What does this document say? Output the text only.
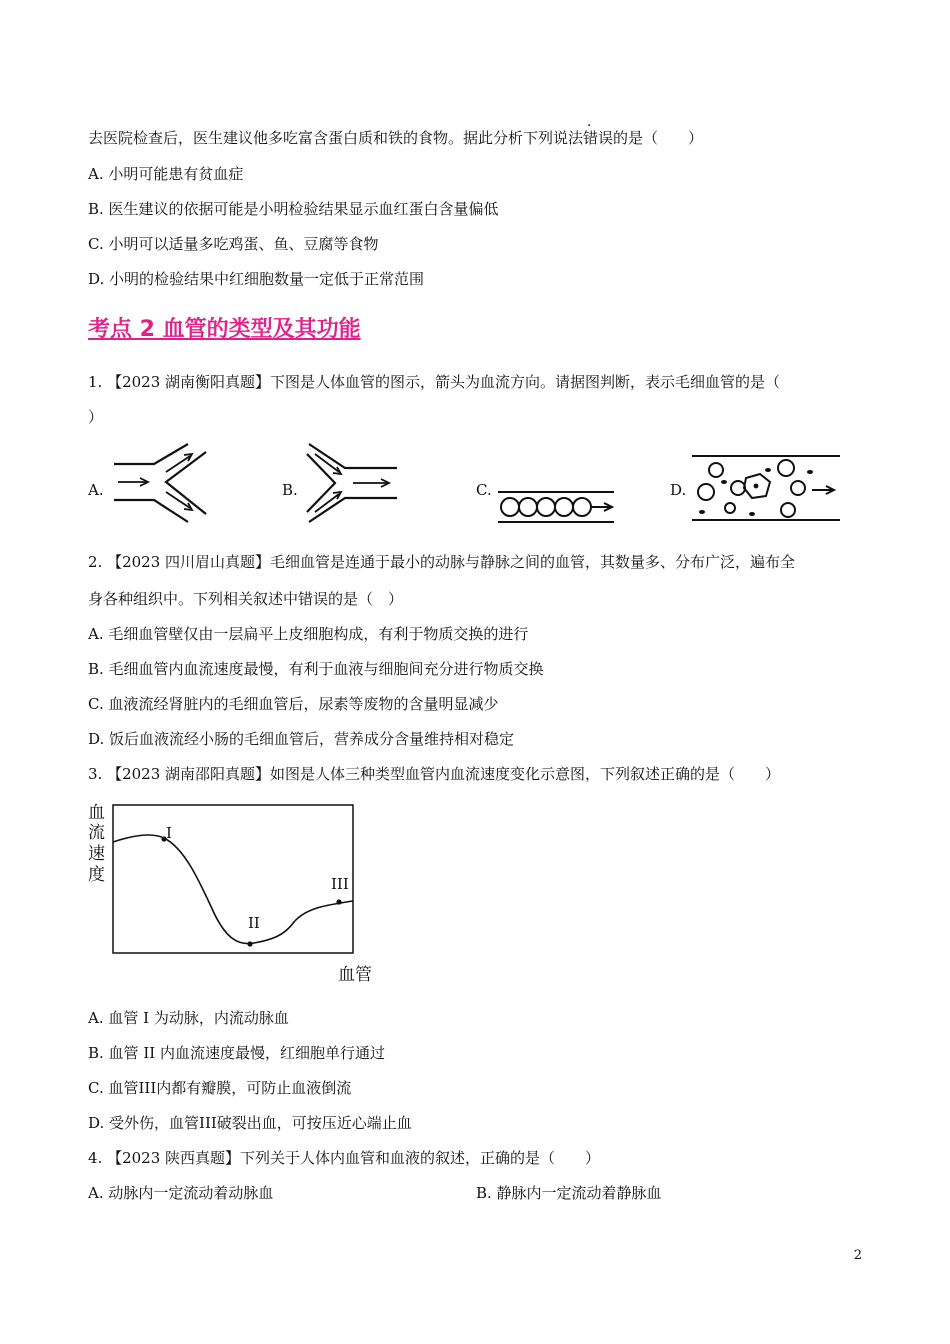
去医院检查后，医生建议他多吃富含蛋白质和铁的食物。据此分析下列说法错误的是（　　）
A. 小明可能患有贫血症
B. 医生建议的依据可能是小明检验结果显示血红蛋白含量偏低
C. 小明可以适量多吃鸡蛋、鱼、豆腐等食物
D. 小明的检验结果中红细胞数量一定低于正常范围
考点 2 血管的类型及其功能
1. 【2023 湖南衡阳真题】下图是人体血管的图示，箭头为血流方向。请据图判断，表示毛细血管的是（
）
A.	B.	C.	D.
2. 【2023 四川眉山真题】毛细血管是连通于最小的动脉与静脉之间的血管，其数量多、分布广泛，遍布全
身各种组织中。下列相关叙述中错误的是（　）
A. 毛细血管壁仅由一层扁平上皮细胞构成，有利于物质交换的进行
B. 毛细血管内血流速度最慢，有利于血液与细胞间充分进行物质交换
C. 血液流经肾脏内的毛细血管后，尿素等废物的含量明显减少
D. 饭后血液流经小肠的毛细血管后，营养成分含量维持相对稳定
3. 【2023 湖南邵阳真题】如图是人体三种类型血管内血流速度变化示意图，下列叙述正确的是（　　）
血
流
速
度
I
II
III
血管
A. 血管 I 为动脉，内流动脉血
B. 血管 II 内血流速度最慢，红细胞单行通过
C. 血管III内都有瓣膜，可防止血液倒流
D. 受外伤，血管III破裂出血，可按压近心端止血
4. 【2023 陕西真题】下列关于人体内血管和血液的叙述，正确的是（　　）
A. 动脉内一定流动着动脉血	B. 静脉内一定流动着静脉血
2
